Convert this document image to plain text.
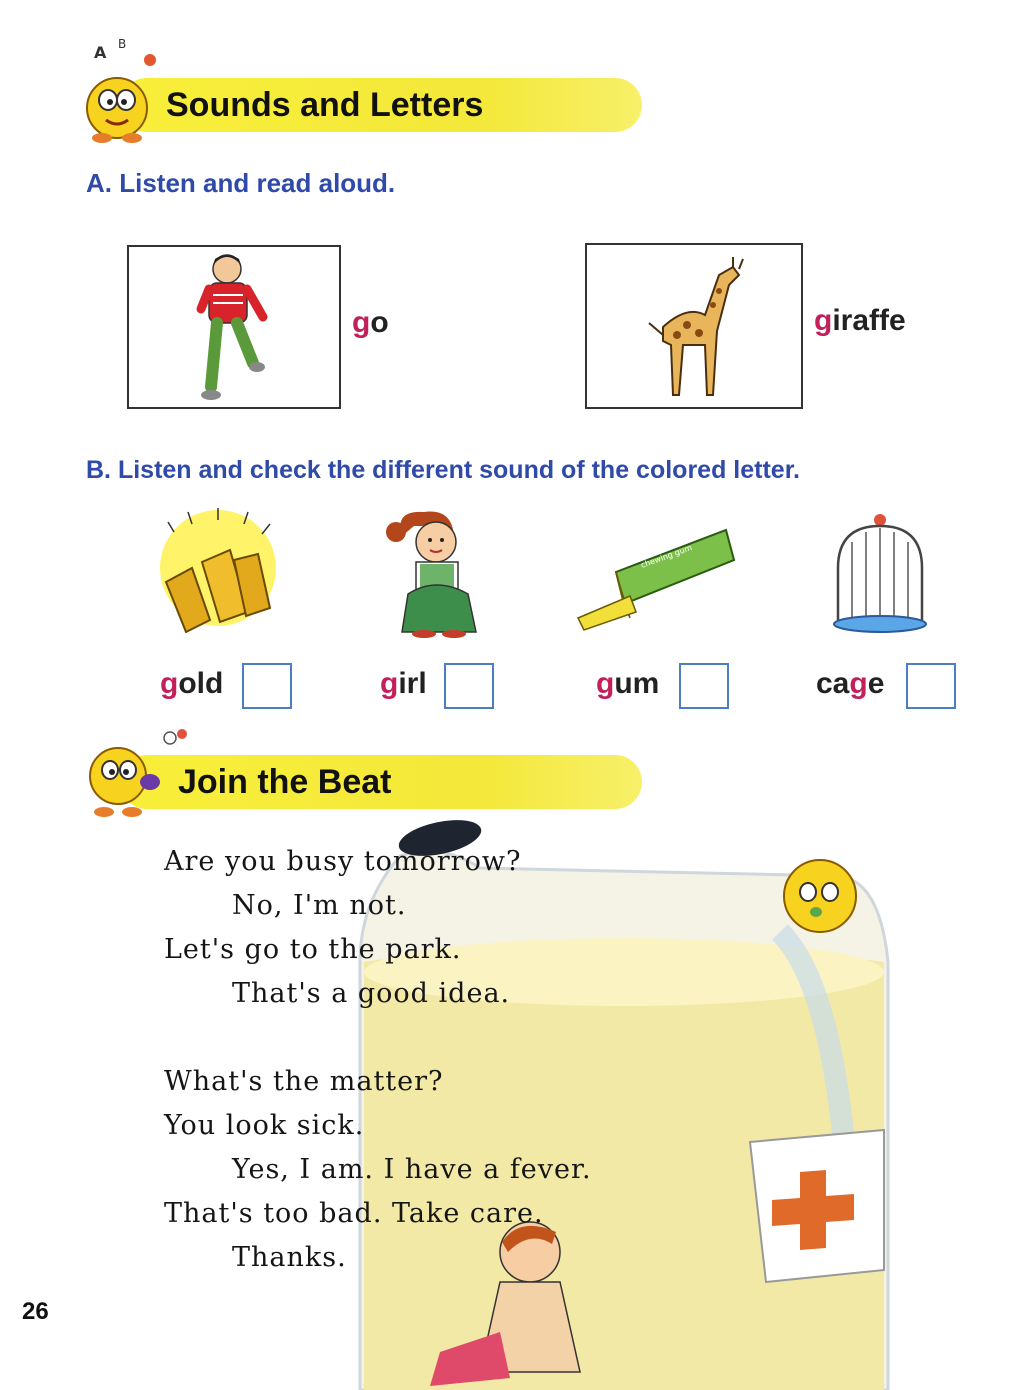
A B
Sounds and Letters
A. Listen and read aloud.
go	giraffe
B. Listen and check the different sound of the colored letter.
chewing gum
gold	girl	gum	cage
Join the Beat
Are you busy tomorrow?
No, I'm not.
Let's go to the park.
That's a good idea.
What's the matter?
You look sick.
Yes, I am. I have a fever.
That's too bad. Take care.
Thanks.
26
